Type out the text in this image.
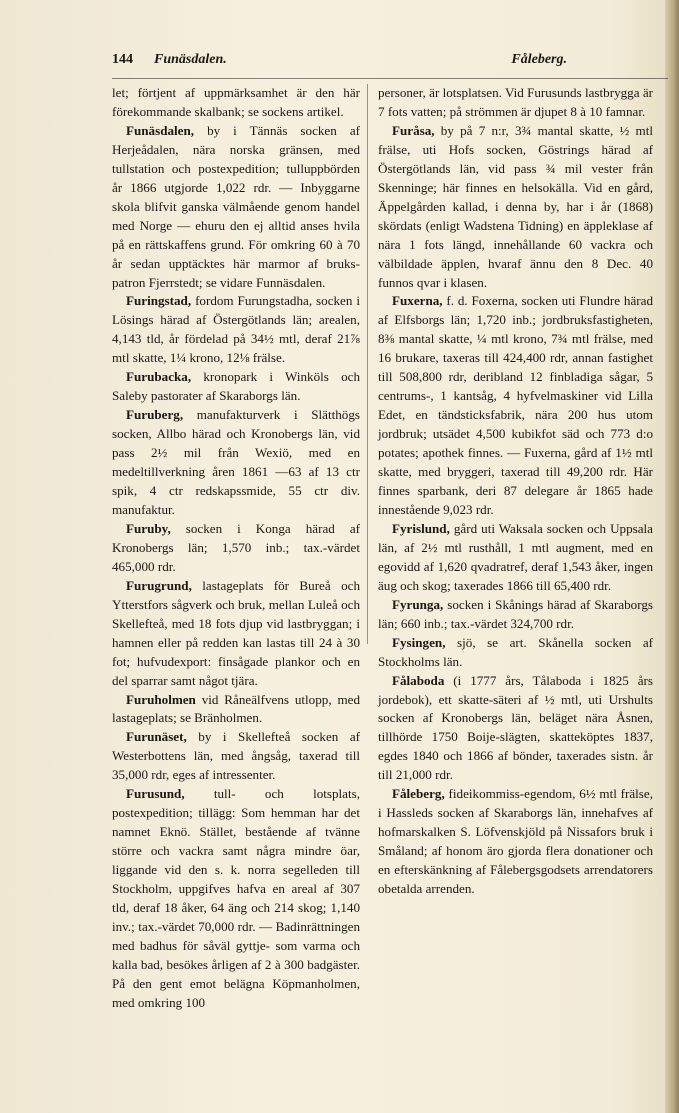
144 Funäsdalen.	Fåleberg.

let; förtjent af uppmärksamhet är den här förekommande skalbank; se sockens artikel.

Funäsdalen, by i Tännäs socken af Herjeådalen, nära norska gränsen, med tullstation och postexpedition; tulluppbörden år 1866 utgjorde 1,022 rdr. — Inbyggarne skola blifvit ganska välmående genom handel med Norge — ehuru den ej alltid anses hvila på en rättskaffens grund. För omkring 60 à 70 år sedan upptäcktes här marmor af bruks-patron Fjerrstedt; se vidare Funnäsdalen.

Furingstad, fordom Furungstadha, socken i Lösings härad af Östergötlands län; arealen, 4,143 tld, år fördelad på 34½ mtl, deraf 21⅞ mtl skatte, 1¼ krono, 12⅛ frälse.

Furubacka, kronopark i Winköls och Saleby pastorater af Skaraborgs län.

Furuberg, manufakturverk i Slätthögs socken, Allbo härad och Kronobergs län, vid pass 2½ mil från Wexiö, med en medeltillverkning åren 1861 —63 af 13 ctr spik, 4 ctr redskapssmide, 55 ctr div. manufaktur.

Furuby, socken i Konga härad af Kronobergs län; 1,570 inb.; tax.-värdet 465,000 rdr.

Furugrund, lastageplats för Bureå och Ytterstfors sågverk och bruk, mellan Luleå och Skellefteå, med 18 fots djup vid lastbryggan; i hamnen eller på redden kan lastas till 24 à 30 fot; hufvudexport: finsågade plankor och en del sparrar samt något tjära.

Furuholmen vid Råneälfvens utlopp, med lastageplats; se Bränholmen.

Furunäset, by i Skellefteå socken af Westerbottens län, med ångsåg, taxerad till 35,000 rdr, eges af intressenter.

Furusund, tull- och lotsplats, postexpedition; tillägg: Som hemman har det namnet Eknö. Stället, bestående af tvänne större och vackra samt några mindre öar, liggande vid den s. k. norra segelleden till Stockholm, uppgifves hafva en areal af 307 tld, deraf 18 åker, 64 äng och 214 skog; 1,140 inv.; tax.-värdet 70,000 rdr. — Badinrättningen med badhus för såväl gyttje- som varma och kalla bad, besökes årligen af 2 à 300 badgäster. På den gent emot belägna Köpmanholmen, med omkring 100

personer, är lotsplatsen. Vid Furusunds lastbrygga är 7 fots vatten; på strömmen är djupet 8 à 10 famnar.

Furåsa, by på 7 n:r, 3¾ mantal skatte, ½ mtl frälse, uti Hofs socken, Göstrings härad af Östergötlands län, vid pass ¾ mil vester från Skenninge; här finnes en helsokälla. Vid en gård, Äppelgården kallad, i denna by, har i år (1868) skördats (enligt Wadstena Tidning) en äppleklase af nära 1 fots längd, innehållande 60 vackra och välbildade äpplen, hvaraf ännu den 8 Dec. 40 funnos qvar i klasen.

Fuxerna, f. d. Foxerna, socken uti Flundre härad af Elfsborgs län; 1,720 inb.; jordbruksfastigheten, 8⅜ mantal skatte, ¼ mtl krono, 7¾ mtl frälse, med 16 brukare, taxeras till 424,400 rdr, annan fastighet till 508,800 rdr, deribland 12 finbladiga sågar, 5 centrums-, 1 kantsåg, 4 hyfvelmaskiner vid Lilla Edet, en tändsticksfabrik, nära 200 hus utom jordbruk; utsädet 4,500 kubikfot säd och 773 d:o potates; apothek finnes. — Fuxerna, gård af 1½ mtl skatte, med bryggeri, taxerad till 49,200 rdr. Här finnes sparbank, deri 87 delegare år 1865 hade innestående 9,023 rdr.

Fyrislund, gård uti Waksala socken och Uppsala län, af 2½ mtl rusthåll, 1 mtl augment, med en egovidd af 1,620 qvadratref, deraf 1,543 åker, ingen äug och skog; taxerades 1866 till 65,400 rdr.

Fyrunga, socken i Skånings härad af Skaraborgs län; 660 inb.; tax.-värdet 324,700 rdr.

Fysingen, sjö, se art. Skånella socken af Stockholms län.

Fålaboda (i 1777 års, Tålaboda i 1825 års jordebok), ett skatte-säteri af ½ mtl, uti Urshults socken af Kronobergs län, beläget nära Åsnen, tillhörde 1750 Boije-slägten, skatteköptes 1837, egdes 1840 och 1866 af bönder, taxerades sistn. år till 21,000 rdr.

Fåleberg, fideikommiss-egendom, 6½ mtl frälse, i Hassleds socken af Skaraborgs län, innehafves af hofmarskalken S. Löfvenskjöld på Nissafors bruk i Småland; af honom äro gjorda flera donationer och en efterskänkning af Fålebergsgodsets arrendatorers obetalda arrenden.
